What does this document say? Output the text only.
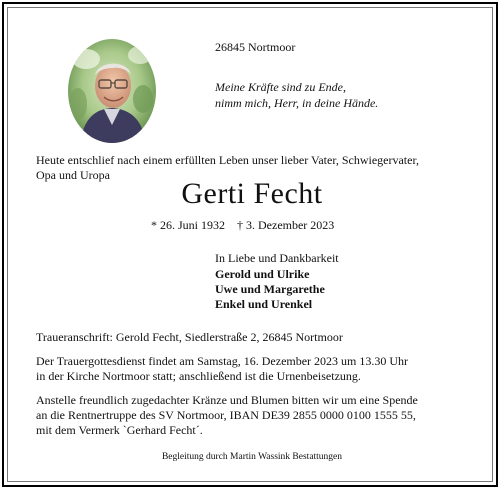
26845 Nortmoor
Meine Kräfte sind zu Ende,
nimm mich, Herr, in deine Hände.
Heute entschlief nach einem erfüllten Leben unser lieber Vater, Schwiegervater,
Opa und Uropa
Gerti Fecht
* 26. Juni 1932    † 3. Dezember 2023
In Liebe und Dankbarkeit
Gerold und Ulrike
Uwe und Margarethe
Enkel und Urenkel
Traueranschrift: Gerold Fecht, Siedlerstraße 2, 26845 Nortmoor
Der Trauergottesdienst findet am Samstag, 16. Dezember 2023 um 13.30 Uhr
in der Kirche Nortmoor statt; anschließend ist die Urnenbeisetzung.
Anstelle freundlich zugedachter Kränze und Blumen bitten wir um eine Spende
an die Rentnertruppe des SV Nortmoor, IBAN DE39 2855 0000 0100 1555 55,
mit dem Vermerk `Gerhard Fecht´.
Begleitung durch Martin Wassink Bestattungen
